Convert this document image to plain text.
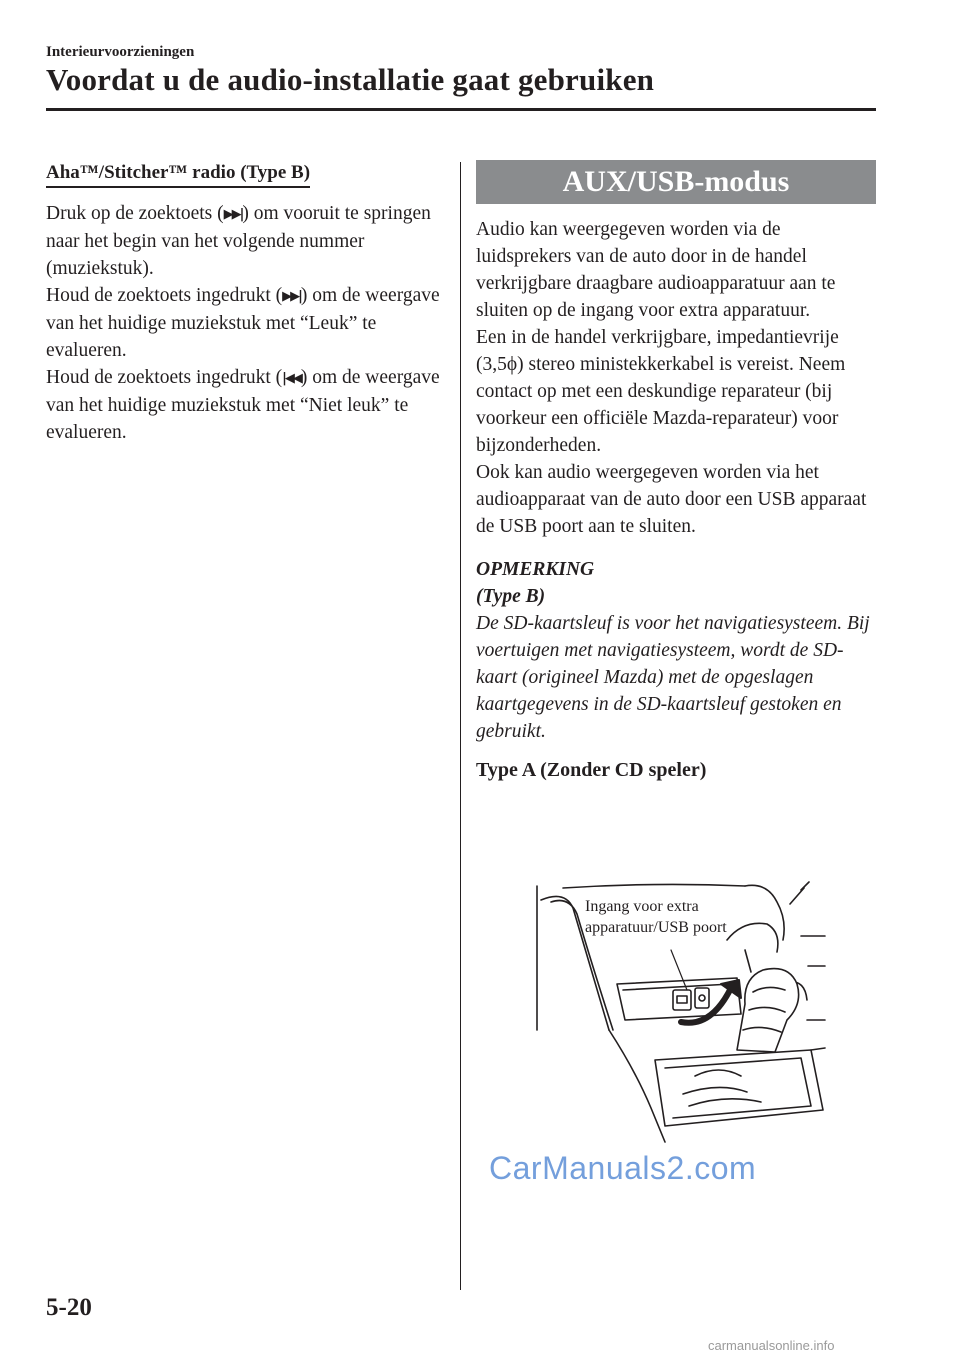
Interieurvoorzieningen
Voordat u de audio-installatie gaat gebruiken
Aha™/Stitcher™ radio (Type B)

Druk op de zoektoets (▶▶|) om vooruit te springen naar het begin van het volgende nummer (muziekstuk).

Houd de zoektoets ingedrukt (▶▶|) om de weergave van het huidige muziekstuk met “Leuk” te evalueren.

Houd de zoektoets ingedrukt (|◀◀) om de weergave van het huidige muziekstuk met “Niet leuk” te evalueren.

AUX/USB-modus
Audio kan weergegeven worden via de luidsprekers van de auto door in de handel verkrijgbare draagbare audioapparatuur aan te sluiten op de ingang voor extra apparatuur.
Een in de handel verkrijgbare, impedantievrije (3,5ϕ) stereo ministekkerkabel is vereist. Neem contact op met een deskundige reparateur (bij voorkeur een officiële Mazda-reparateur) voor bijzonderheden.
Ook kan audio weergegeven worden via het audioapparaat van de auto door een USB apparaat de USB poort aan te sluiten.
OPMERKING
(Type B)
De SD-kaartsleuf is voor het navigatiesysteem. Bij voertuigen met navigatiesysteem, wordt de SD-kaart (origineel Mazda) met de opgeslagen kaartgegevens in de SD-kaartsleuf gestoken en gebruikt.
Type A (Zonder CD speler)
Ingang voor extra
apparatuur/USB poort
CarManuals2.com
5-20
carmanualsonline.info
